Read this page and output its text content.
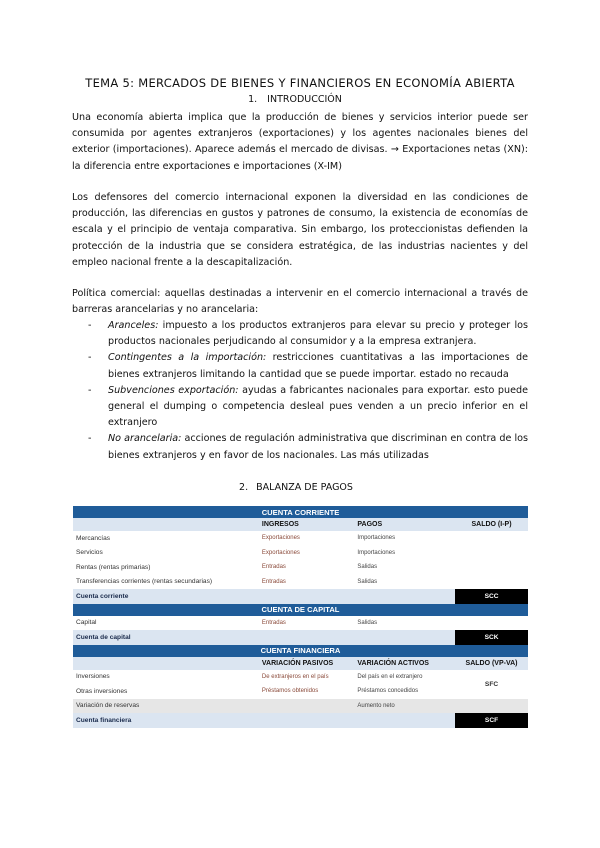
TEMA 5: MERCADOS DE BIENES Y FINANCIEROS EN ECONOMÍA ABIERTA
1. INTRODUCCIÓN
Una economía abierta implica que la producción de bienes y servicios interior puede ser consumida por agentes extranjeros (exportaciones) y los agentes nacionales bienes del exterior (importaciones). Aparece además el mercado de divisas. → Exportaciones netas (XN): la diferencia entre exportaciones e importaciones (X-IM)
Los defensores del comercio internacional exponen la diversidad en las condiciones de producción, las diferencias en gustos y patrones de consumo, la existencia de economías de escala y el principio de ventaja comparativa. Sin embargo, los proteccionistas defienden la protección de la industria que se considera estratégica, de las industrias nacientes y del empleo nacional frente a la descapitalización.
Política comercial: aquellas destinadas a intervenir en el comercio internacional a través de barreras arancelarias y no arancelaria:
- Aranceles: impuesto a los productos extranjeros para elevar su precio y proteger los productos nacionales perjudicando al consumidor y a la empresa extranjera.
- Contingentes a la importación: restricciones cuantitativas a las importaciones de bienes extranjeros limitando la cantidad que se puede importar. estado no recauda
- Subvenciones exportación: ayudas a fabricantes nacionales para exportar. esto puede general el dumping o competencia desleal pues venden a un precio inferior en el extranjero
- No arancelaria: acciones de regulación administrativa que discriminan en contra de los bienes extranjeros y en favor de los nacionales. Las más utilizadas
2. BALANZA DE PAGOS
CUENTA CORRIENTE			
	INGRESOS	PAGOS	SALDO (I-P)
Mercancías	Exportaciones	Importaciones	
Servicios	Exportaciones	Importaciones	
Rentas (rentas primarias)	Entradas	Salidas	
Transferencias corrientes (rentas secundarias)	Entradas	Salidas	
Cuenta corriente			SCC
CUENTA DE CAPITAL			
Capital	Entradas	Salidas	
Cuenta de capital			SCK
CUENTA FINANCIERA			
	VARIACIÓN PASIVOS	VARIACIÓN ACTIVOS	SALDO (VP-VA)
Inversiones	De extranjeros en el país	Del país en el extranjero	SFC
Otras inversiones	Préstamos obtenidos	Préstamos concedidos	
Variación de reservas		Aumento neto	
Cuenta financiera			SCF
